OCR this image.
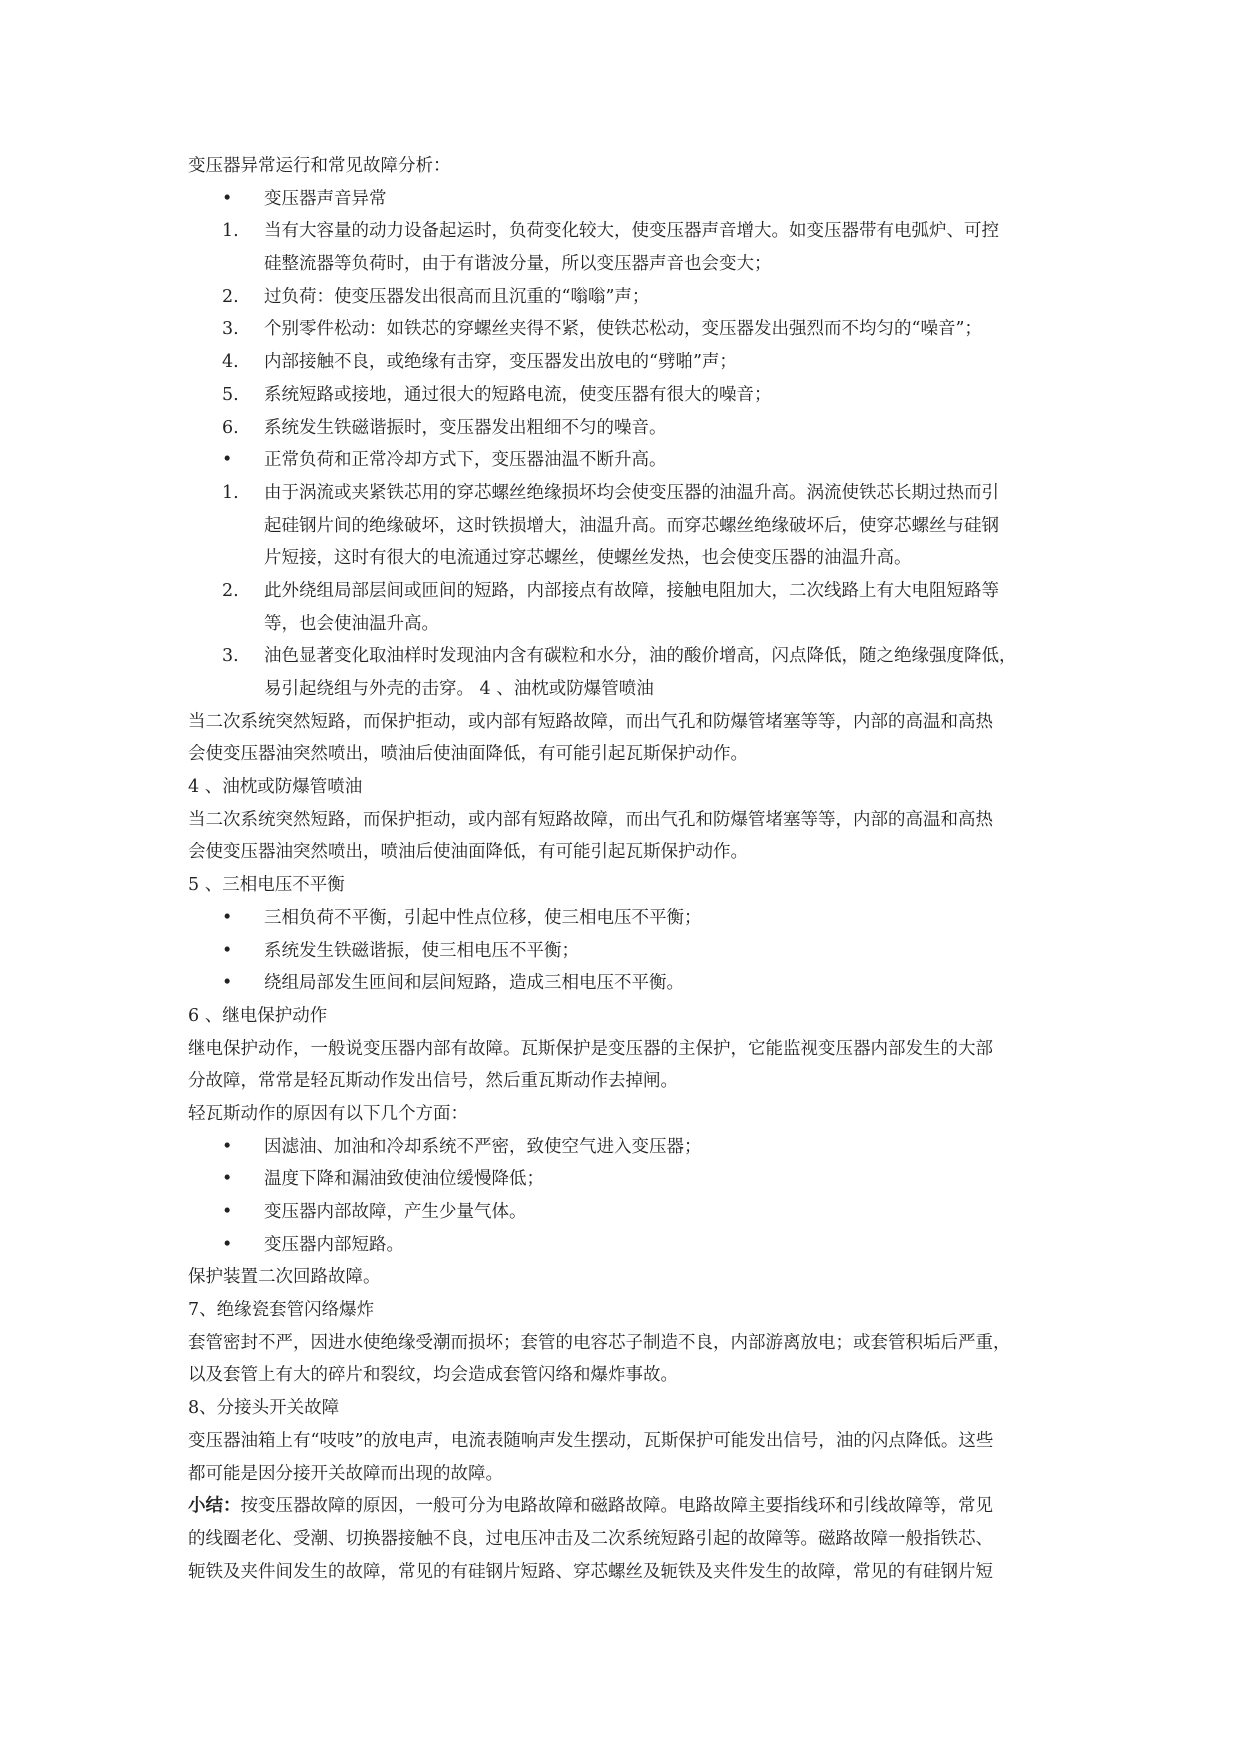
变压器异常运行和常见故障分析：
• 变压器声音异常
1. 当有大容量的动力设备起运时，负荷变化较大，使变压器声音增大。如变压器带有电弧炉、可控
硅整流器等负荷时，由于有谐波分量，所以变压器声音也会变大；
2. 过负荷：使变压器发出很高而且沉重的“嗡嗡”声；
3. 个别零件松动：如铁芯的穿螺丝夹得不紧，使铁芯松动，变压器发出强烈而不均匀的“噪音”；
4. 内部接触不良，或绝缘有击穿，变压器发出放电的“劈啪”声；
5. 系统短路或接地，通过很大的短路电流，使变压器有很大的噪音；
6. 系统发生铁磁谐振时，变压器发出粗细不匀的噪音。
• 正常负荷和正常冷却方式下，变压器油温不断升高。
1. 由于涡流或夹紧铁芯用的穿芯螺丝绝缘损坏均会使变压器的油温升高。涡流使铁芯长期过热而引
起硅钢片间的绝缘破坏，这时铁损增大，油温升高。而穿芯螺丝绝缘破坏后，使穿芯螺丝与硅钢
片短接，这时有很大的电流通过穿芯螺丝，使螺丝发热，也会使变压器的油温升高。
2. 此外绕组局部层间或匝间的短路，内部接点有故障，接触电阻加大，二次线路上有大电阻短路等
等，也会使油温升高。
3. 油色显著变化取油样时发现油内含有碳粒和水分，油的酸价增高，闪点降低，随之绝缘强度降低，
易引起绕组与外壳的击穿。 4 、油枕或防爆管喷油
当二次系统突然短路，而保护拒动，或内部有短路故障，而出气孔和防爆管堵塞等等，内部的高温和高热
会使变压器油突然喷出，喷油后使油面降低，有可能引起瓦斯保护动作。
4 、油枕或防爆管喷油
当二次系统突然短路，而保护拒动，或内部有短路故障，而出气孔和防爆管堵塞等等，内部的高温和高热
会使变压器油突然喷出，喷油后使油面降低，有可能引起瓦斯保护动作。
5 、三相电压不平衡
• 三相负荷不平衡，引起中性点位移，使三相电压不平衡；
• 系统发生铁磁谐振，使三相电压不平衡；
• 绕组局部发生匝间和层间短路，造成三相电压不平衡。
6 、继电保护动作
继电保护动作，一般说变压器内部有故障。瓦斯保护是变压器的主保护，它能监视变压器内部发生的大部
分故障，常常是轻瓦斯动作发出信号，然后重瓦斯动作去掉闸。
轻瓦斯动作的原因有以下几个方面：
• 因滤油、加油和冷却系统不严密，致使空气进入变压器；
• 温度下降和漏油致使油位缓慢降低；
• 变压器内部故障，产生少量气体。
• 变压器内部短路。
保护装置二次回路故障。
7、绝缘瓷套管闪络爆炸
套管密封不严，因进水使绝缘受潮而损坏；套管的电容芯子制造不良，内部游离放电；或套管积垢后严重，
以及套管上有大的碎片和裂纹，均会造成套管闪络和爆炸事故。
8、分接头开关故障
变压器油箱上有“吱吱”的放电声，电流表随响声发生摆动，瓦斯保护可能发出信号，油的闪点降低。这些
都可能是因分接开关故障而出现的故障。
小结：按变压器故障的原因，一般可分为电路故障和磁路故障。电路故障主要指线环和引线故障等，常见
的线圈老化、受潮、切换器接触不良，过电压冲击及二次系统短路引起的故障等。磁路故障一般指铁芯、
轭铁及夹件间发生的故障，常见的有硅钢片短路、穿芯螺丝及轭铁及夹件发生的故障，常见的有硅钢片短
